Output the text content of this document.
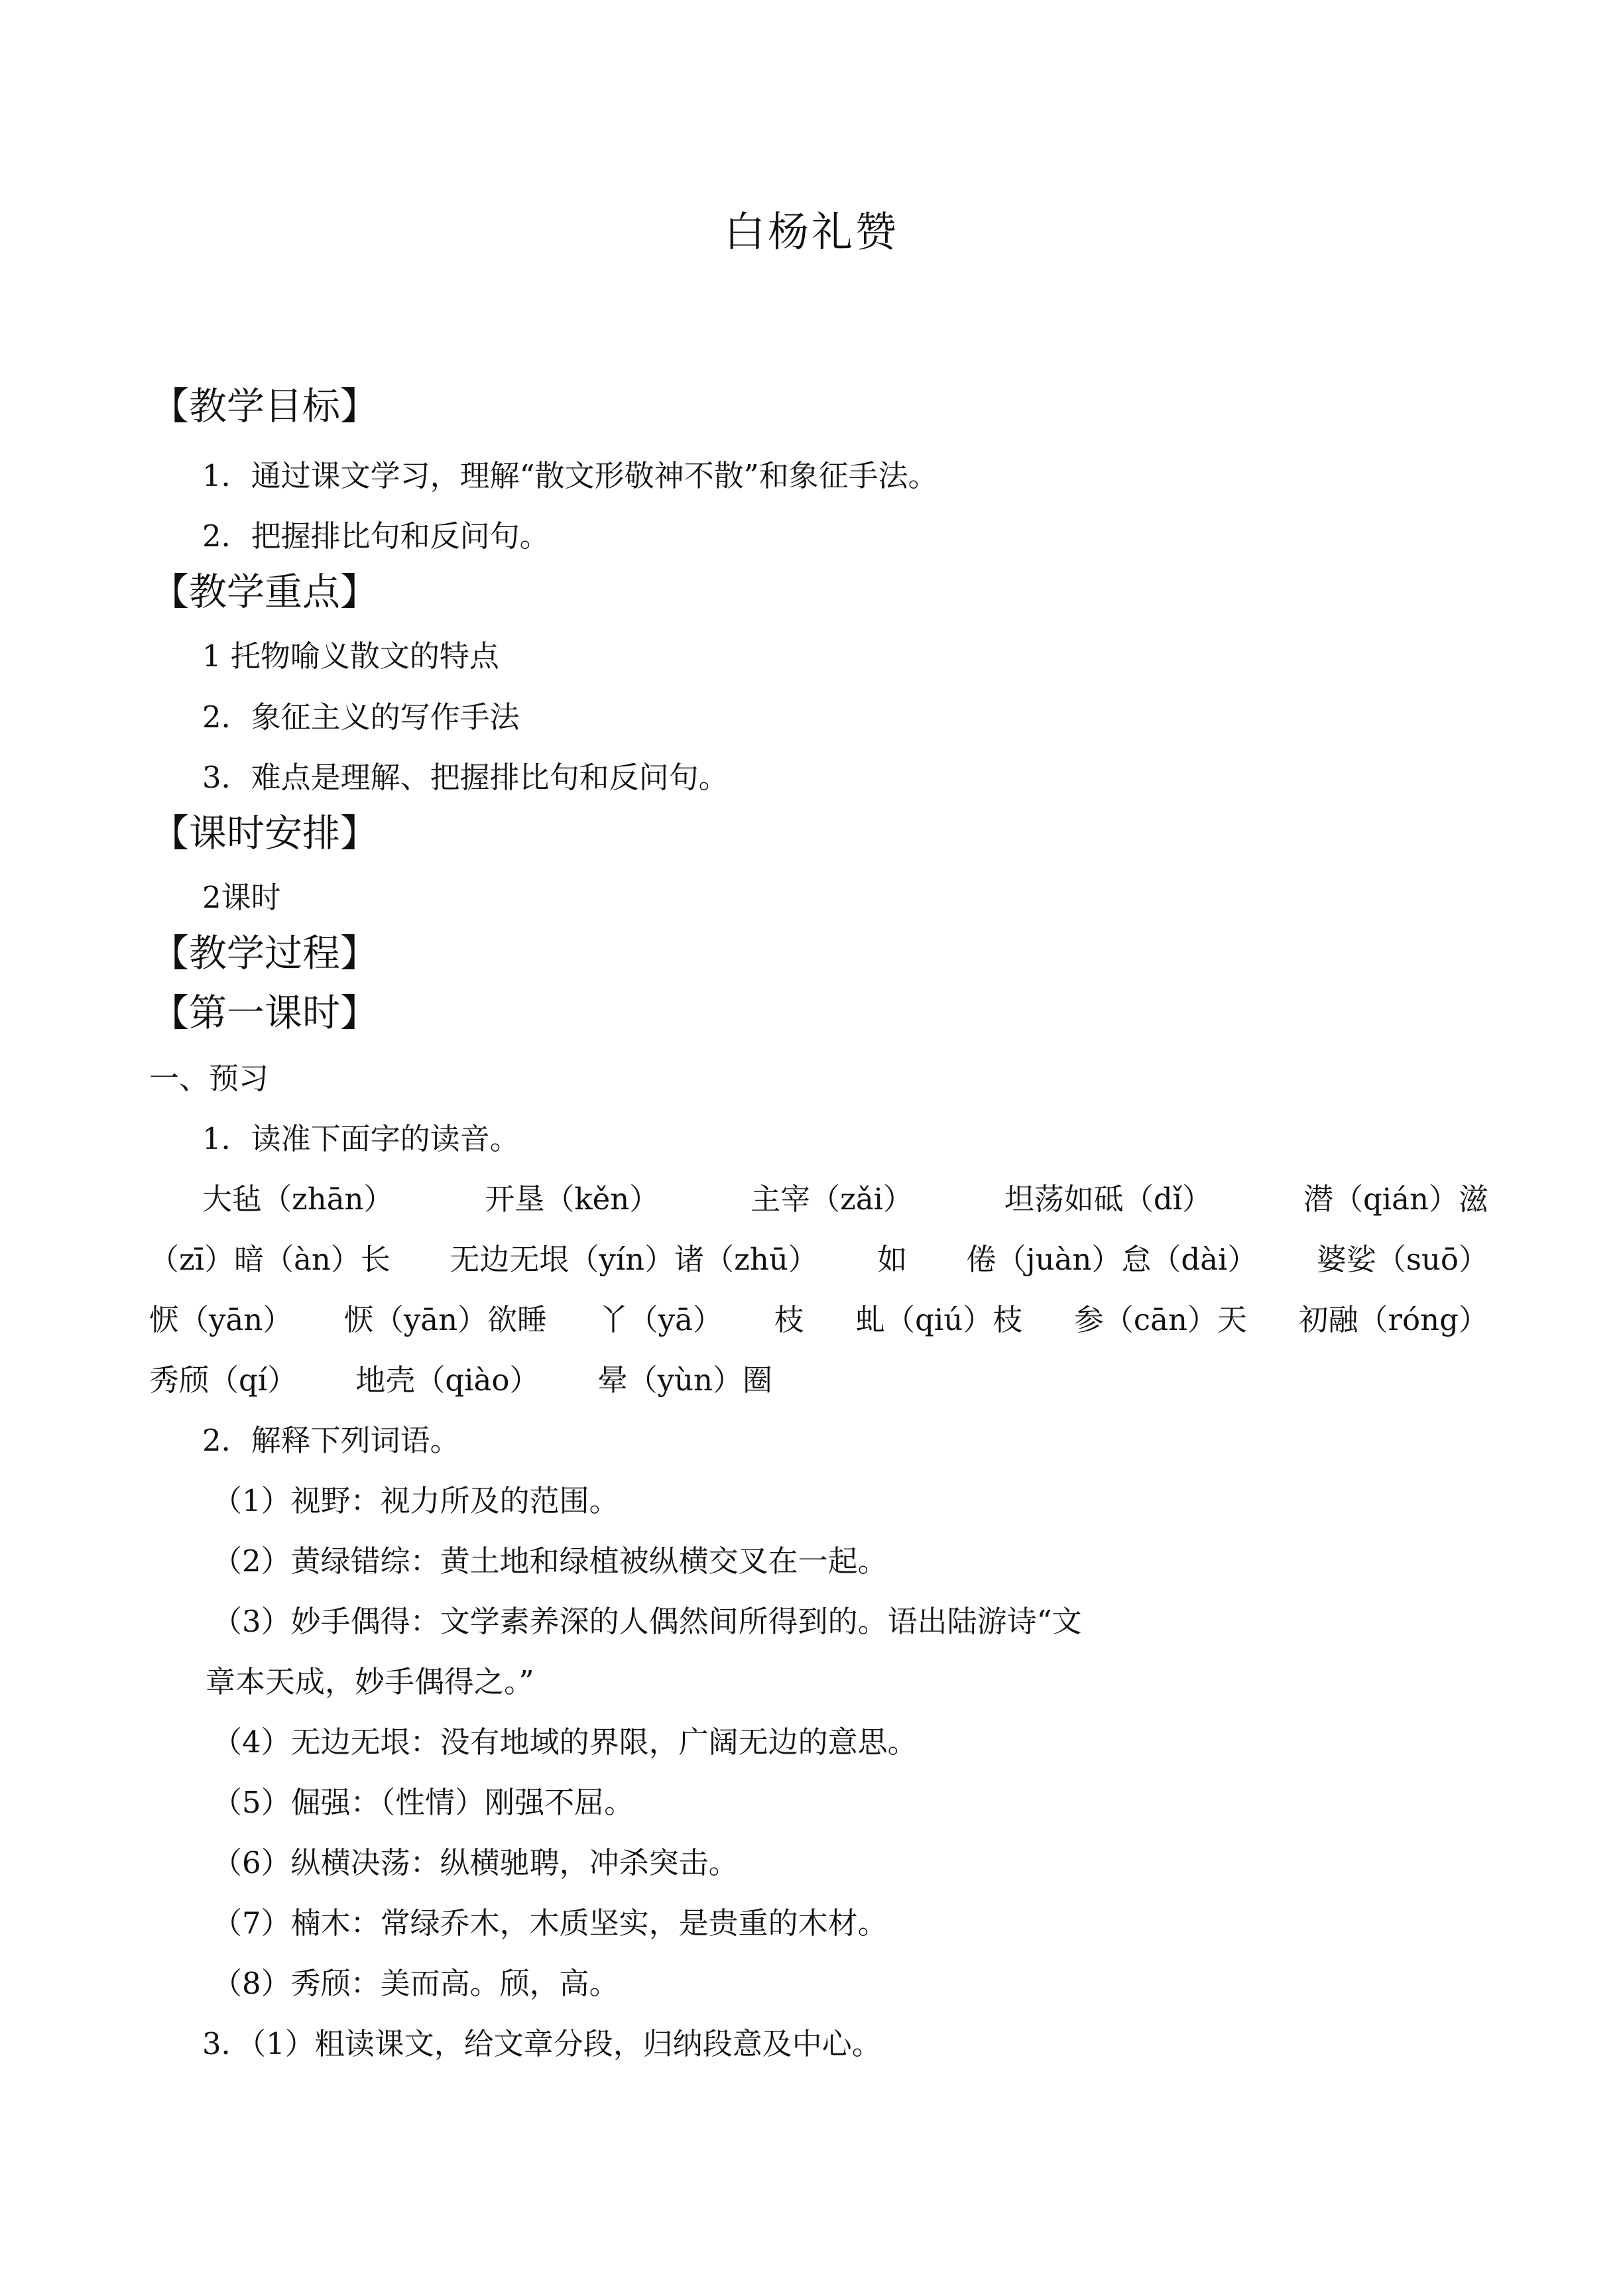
白杨礼赞
【教学目标】
1．通过课文学习，理解“散文形敬神不散”和象征手法。
2．把握排比句和反问句。
【教学重点】
1 托物喻义散文的特点
2．象征主义的写作手法
3．难点是理解、把握排比句和反问句。
【课时安排】
2课时
【教学过程】
【第一课时】
一、预习
1．读准下面字的读音。
大毡（zhān）	开垦（kěn）	主宰（zǎi）	坦荡如砥（dǐ）	潜（qián）滋
（zī）暗（àn）长 无边无垠（yín）诸（zhū） 如 倦（juàn）怠（dài） 婆娑（suō）
恹（yān） 恹（yān）欲睡 丫（yā） 枝 虬（qiú）枝 参（cān）天 初融（róng）
秀颀（qí） 地壳（qiào） 晕（yùn）圈
2．解释下列词语。
（1）视野：视力所及的范围。
（2）黄绿错综：黄土地和绿植被纵横交叉在一起。
（3）妙手偶得：文学素养深的人偶然间所得到的。语出陆游诗“文
章本天成，妙手偶得之。”
（4）无边无垠：没有地域的界限，广阔无边的意思。
（5）倔强：（性情）刚强不屈。
（6）纵横决荡：纵横驰聘，冲杀突击。
（7）楠木：常绿乔木，木质坚实，是贵重的木材。
（8）秀颀：美而高。颀，高。
3．（1）粗读课文，给文章分段，归纳段意及中心。
